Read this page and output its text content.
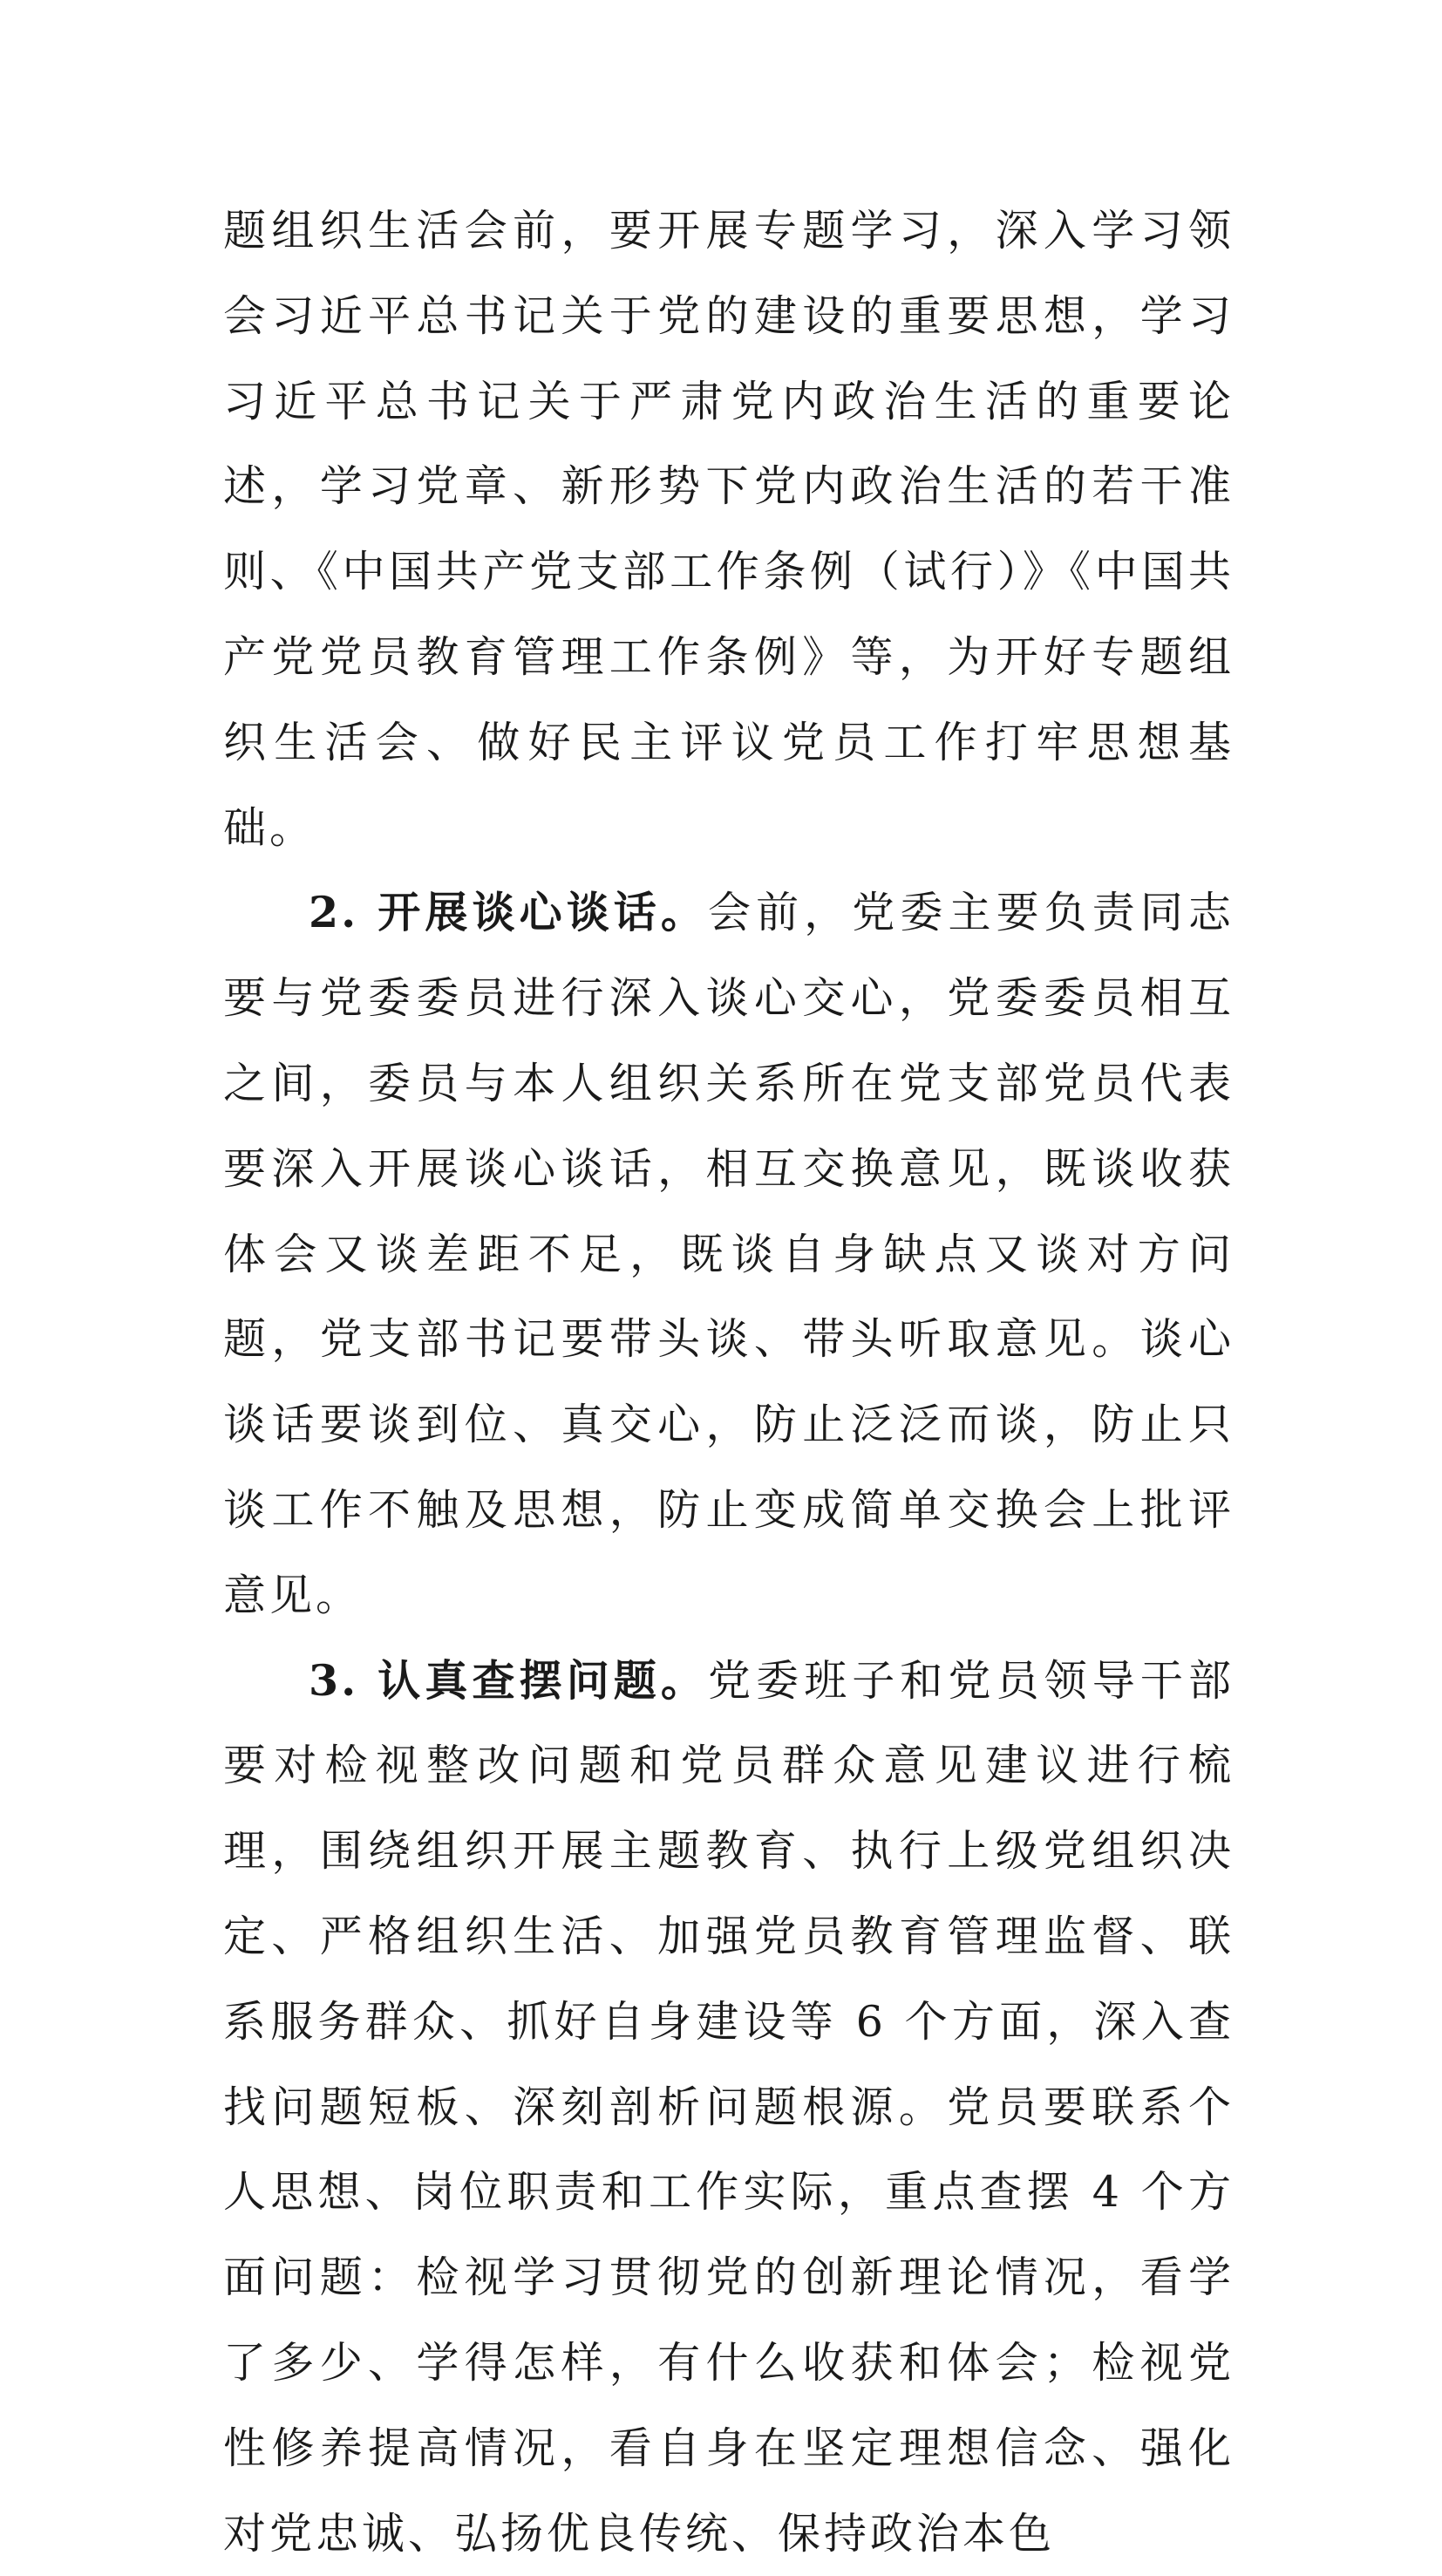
题组织生活会前，要开展专题学习，深入学习领会习近平总书记关于党的建设的重要思想，学习习近平总书记关于严肃党内政治生活的重要论述，学习党章、新形势下党内政治生活的若干准则、《中国共产党支部工作条例（试行）》《中国共产党党员教育管理工作条例》等，为开好专题组织生活会、做好民主评议党员工作打牢思想基础。

2. 开展谈心谈话。会前，党委主要负责同志要与党委委员进行深入谈心交心，党委委员相互之间，委员与本人组织关系所在党支部党员代表要深入开展谈心谈话，相互交换意见，既谈收获体会又谈差距不足，既谈自身缺点又谈对方问题，党支部书记要带头谈、带头听取意见。谈心谈话要谈到位、真交心，防止泛泛而谈，防止只谈工作不触及思想，防止变成简单交换会上批评意见。

3. 认真查摆问题。党委班子和党员领导干部要对检视整改问题和党员群众意见建议进行梳理，围绕组织开展主题教育、执行上级党组织决定、严格组织生活、加强党员教育管理监督、联系服务群众、抓好自身建设等 6 个方面，深入查找问题短板、深刻剖析问题根源。党员要联系个人思想、岗位职责和工作实际，重点查摆 4 个方面问题：检视学习贯彻党的创新理论情况，看学了多少、学得怎样，有什么收获和体会；检视党性修养提高情况，看自身在坚定理想信念、强化对党忠诚、弘扬优良传统、保持政治本色
